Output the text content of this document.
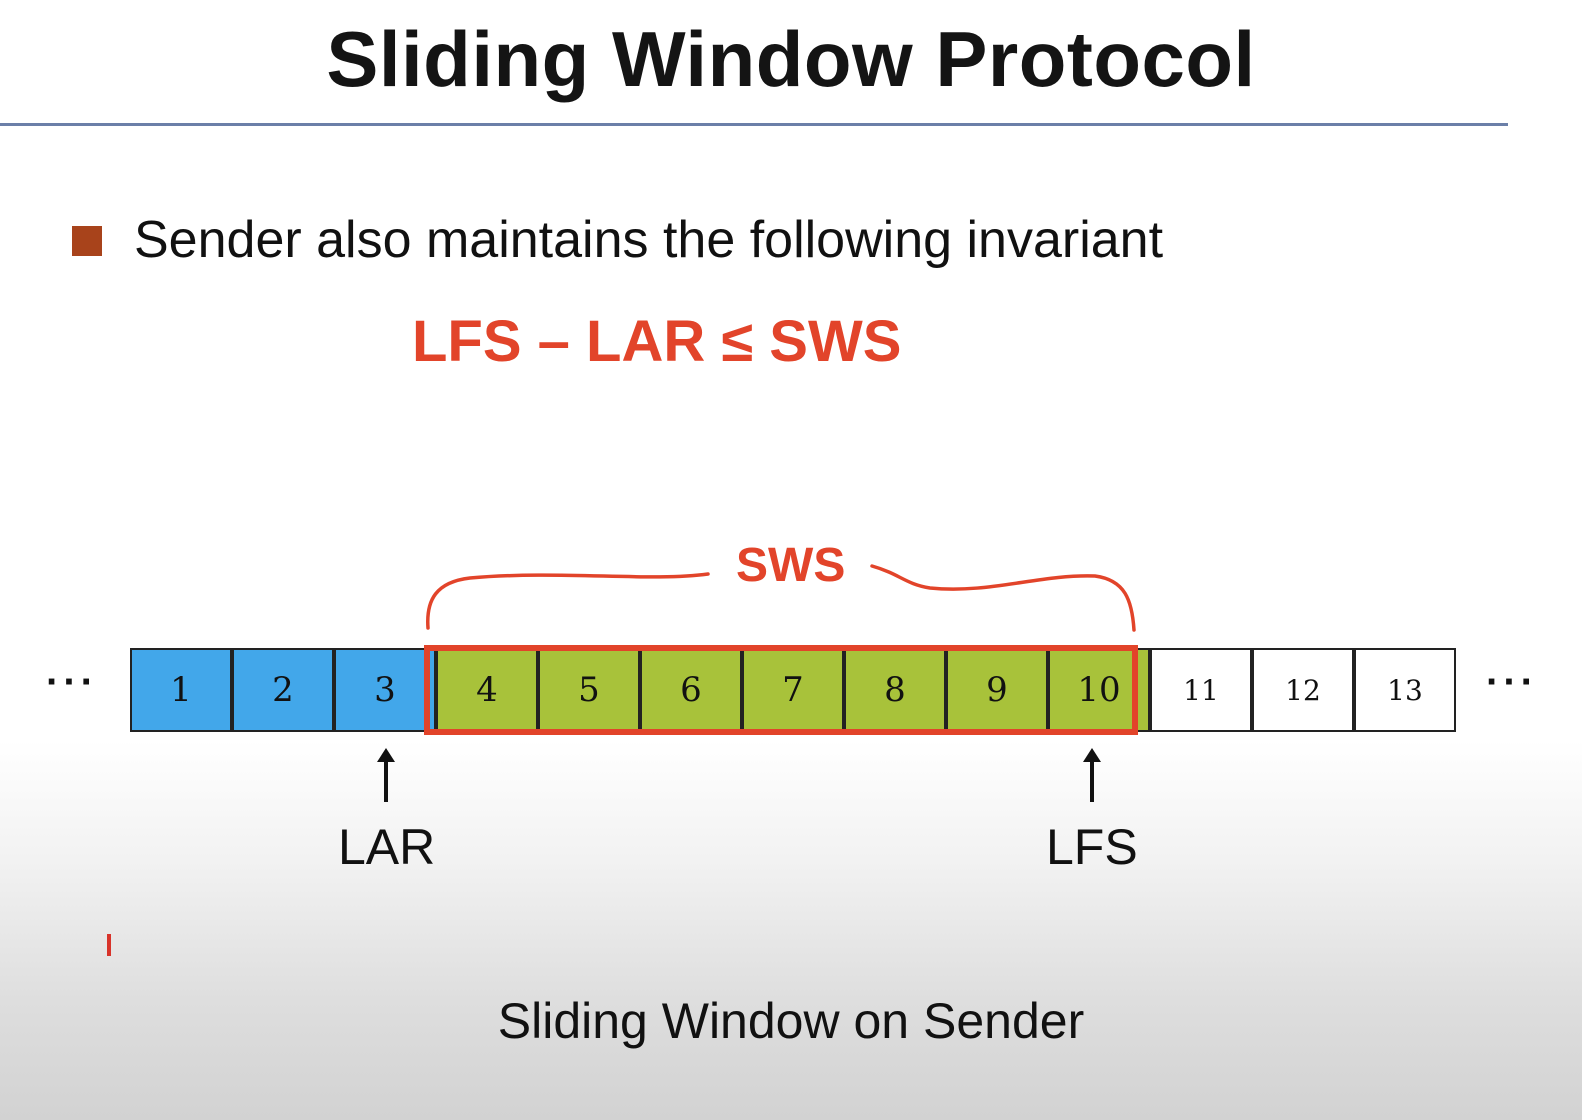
Sliding Window Protocol
Sender also maintains the following invariant
LFS – LAR ≤ SWS
SWS
···	···
1	2	3	4	5	6	7	8	9	10	11	12	13
LAR	LFS
Sliding Window on Sender
